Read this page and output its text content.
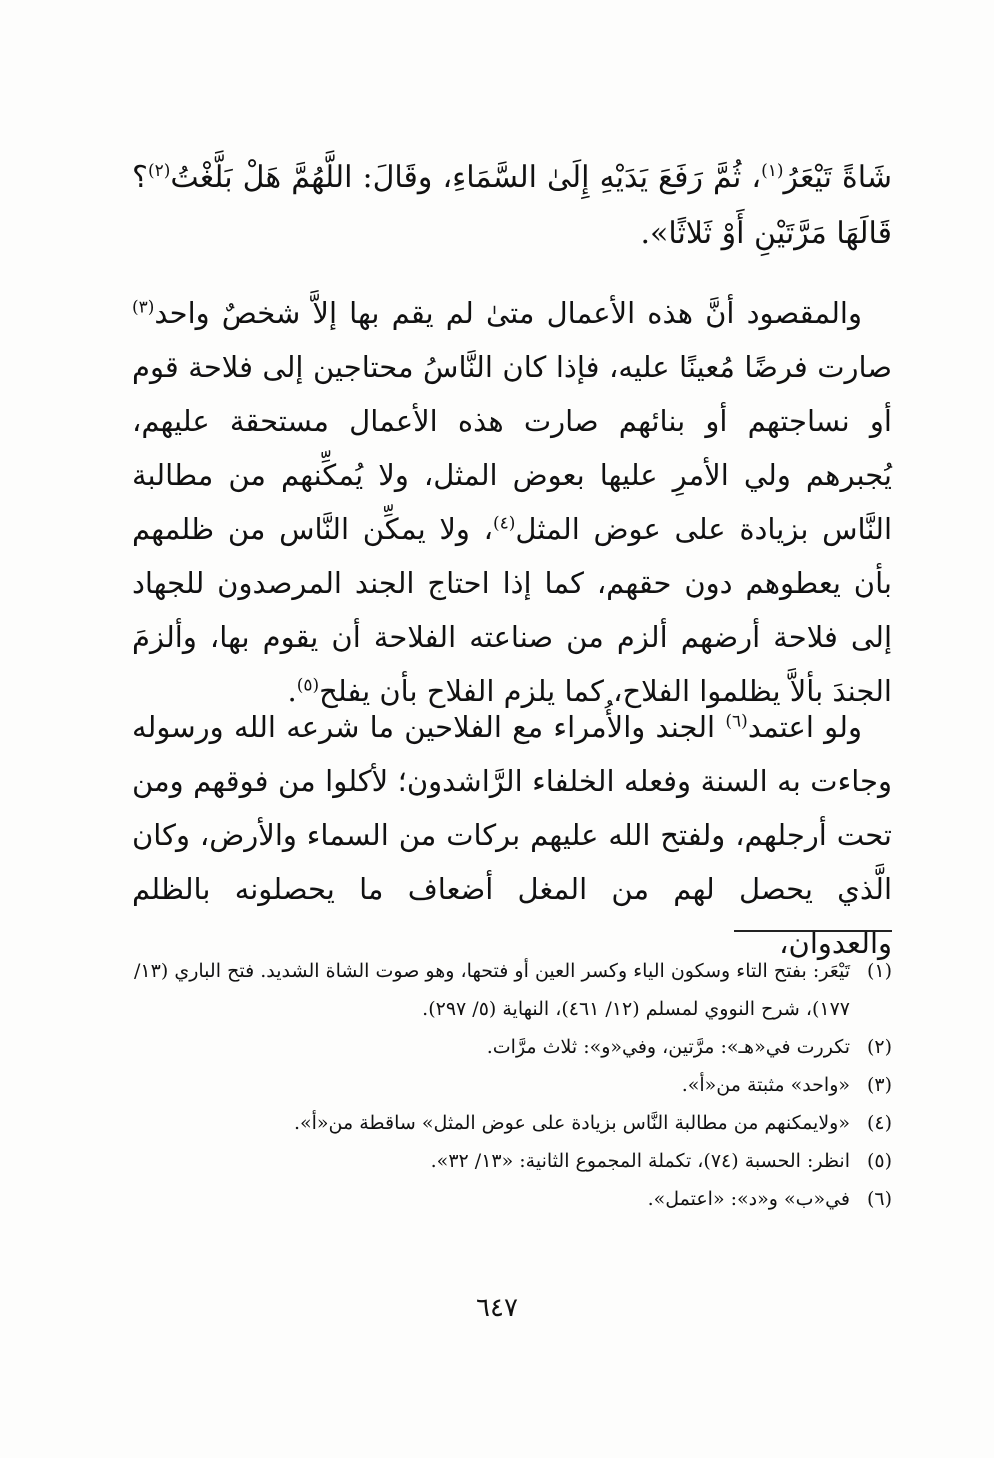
شَاةً تَيْعَرُ$^{(١)}$، ثُمَّ رَفَعَ يَدَيْهِ إِلَىٰ السَّمَاءِ، وقَالَ: اللَّهُمَّ هَلْ بَلَّغْتُ$^{(٢)}$؟ قَالَهَا مَرَّتَيْنِ أَوْ ثَلاثًا».
والمقصود أنَّ هذه الأعمال متىٰ لم يقم بها إلاَّ شخصٌ واحد$^{(٣)}$ صارت فرضًا مُعينًا عليه، فإذا كان النَّاسُ محتاجين إلى فلاحة قوم أو نساجتهم أو بنائهم صارت هذه الأعمال مستحقة عليهم، يُجبرهم ولي الأمرِ عليها بعوض المثل، ولا يُمكِّنهم من مطالبة النَّاس بزيادة على عوض المثل$^{(٤)}$، ولا يمكِّن النَّاس من ظلمهم بأن يعطوهم دون حقهم، كما إذا احتاج الجند المرصدون للجهاد إلى فلاحة أرضهم ألزم من صناعته الفلاحة أن يقوم بها، وألزمَ الجندَ بألاَّ يظلموا الفلاح، كما يلزم الفلاح بأن يفلح$^{(٥)}$.
ولو اعتمد$^{(٦)}$ الجند والأُمراء مع الفلاحين ما شرعه الله ورسوله وجاءت به السنة وفعله الخلفاء الرَّاشدون؛ لأكلوا من فوقهم ومن تحت أرجلهم، ولفتح الله عليهم بركات من السماء والأرض، وكان الَّذي يحصل لهم من المغل أضعاف ما يحصلونه بالظلم والعدوان،
(١)
تَيْعَر: بفتح التاء وسكون الياء وكسر العين أو فتحها، وهو صوت الشاة الشديد. فتح الباري (١٣/ ١٧٧)، شرح النووي لمسلم (١٢/ ٤٦١)، النهاية (٥/ ٢٩٧).
(٢)
تكررت في«هـ»: مرَّتين، وفي«و»: ثلاث مرَّات.
(٣)
«واحد» مثبتة من«أ».
(٤)
«ولايمكنهم من مطالبة النَّاس بزيادة على عوض المثل» ساقطة من«أ».
(٥)
انظر: الحسبة (٧٤)، تكملة المجموع الثانية: «١٣/ ٣٢».
(٦)
في«ب» و«د»: «اعتمل».
٦٤٧
